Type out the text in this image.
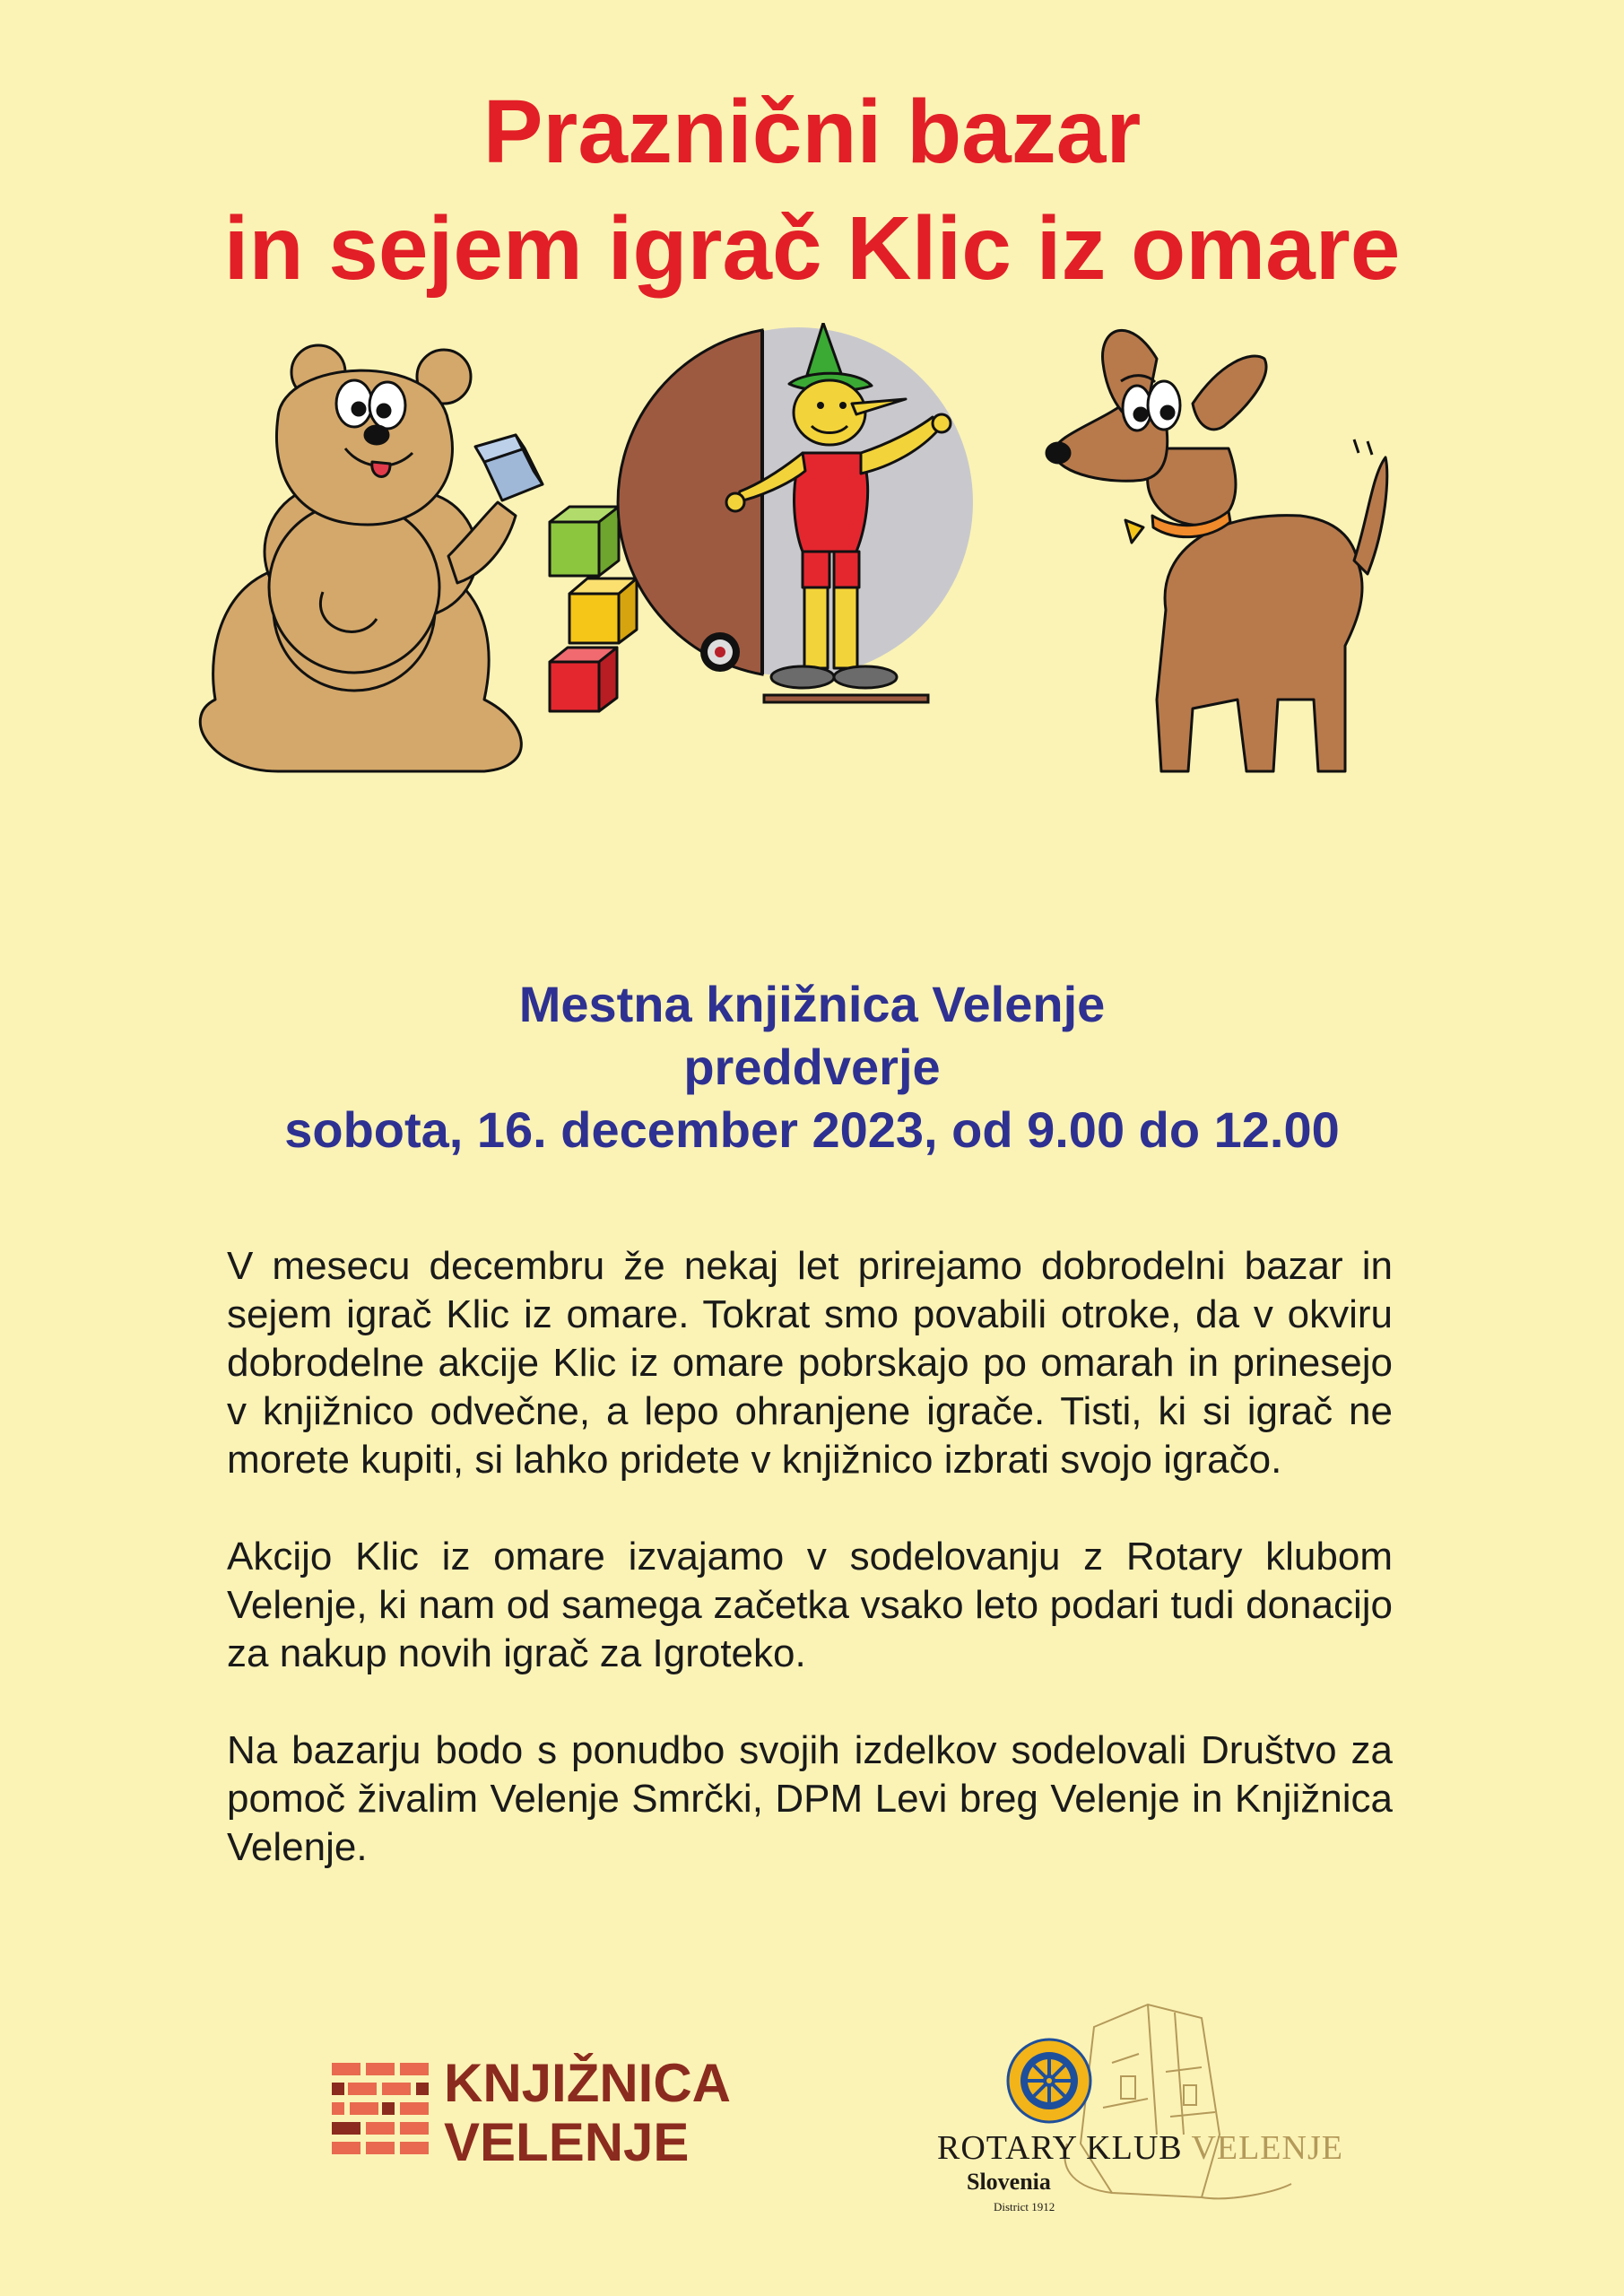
Praznični bazar
in sejem igrač Klic iz omare
Mestna knjižnica Velenje
preddverje
sobota, 16. december 2023, od 9.00 do 12.00

V mesecu decembru že nekaj let prirejamo dobrodelni bazar in sejem igrač Klic iz omare. Tokrat smo povabili otroke, da v okviru dobrodelne akcije Klic iz omare pobrskajo po omarah in prinesejo v knjižnico odvečne, a lepo ohranjene igrače. Tisti, ki si igrač ne morete kupiti, si lahko pridete v knjižnico izbrati svojo igračo.

Akcijo Klic iz omare izvajamo v sodelovanju z Rotary klubom Velenje, ki nam od samega začetka vsako leto podari tudi donacijo za nakup novih igrač za Igroteko.

Na bazarju bodo s ponudbo svojih izdelkov sodelovali Društvo za pomoč živalim Velenje Smrčki, DPM Levi breg Velenje in Knjižnica Velenje.

KNJIŽNICA
VELENJE	ROTARY KLUB VELENJE
Slovenia
District 1912
